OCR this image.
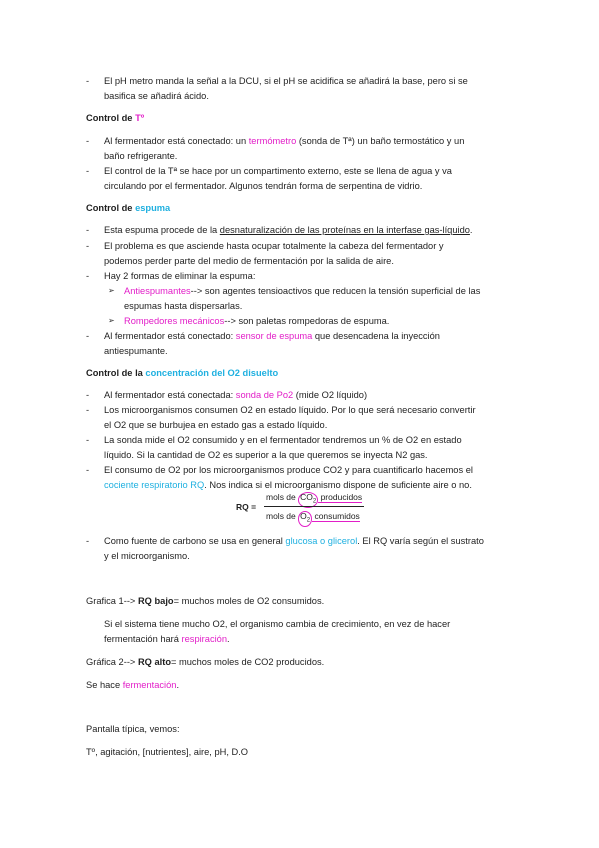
- El pH metro manda la señal a la DCU, si el pH se acidifica se añadirá la base, pero si se
basifica se añadirá ácido.
Control de Tº
- Al fermentador está conectado: un termómetro (sonda de Tª) un baño termostático y un
baño refrigerante.
- El control de la Tª se hace por un compartimento externo, este se llena de agua y va
circulando por el fermentador. Algunos tendrán forma de serpentina de vidrio.
Control de espuma
- Esta espuma procede de la desnaturalización de las proteínas en la interfase gas-líquido.
- El problema es que asciende hasta ocupar totalmente la cabeza del fermentador y
podemos perder parte del medio de fermentación por la salida de aire.
- Hay 2 formas de eliminar la espuma:
➢ Antiespumantes--> son agentes tensioactivos que reducen la tensión superficial de las
espumas hasta dispersarlas.
➢ Rompedores mecánicos--> son paletas rompedoras de espuma.
- Al fermentador está conectado: sensor de espuma que desencadena la inyección
antiespumante.
Control de la concentración del O2 disuelto
- Al fermentador está conectada: sonda de Po2 (mide O2 líquido)
- Los microorganismos consumen O2 en estado líquido. Por lo que será necesario convertir
el O2 que se burbujea en estado gas a estado líquido.
- La sonda mide el O2 consumido y en el fermentador tendremos un % de O2 en estado
líquido. Si la cantidad de O2 es superior a la que queremos se inyecta N2 gas.
- El consumo de O2 por los microorganismos produce CO2 y para cuantificarlo hacemos el
cociente respiratorio RQ. Nos indica si el microorganismo dispone de suficiente aire o no.
RQ =
mols de $CO_2$ producidos
mols de $O_2$ consumidos
- Como fuente de carbono se usa en general glucosa o glicerol. El RQ varía según el sustrato
y el microorganismo.
Grafica 1--> RQ bajo= muchos moles de O2 consumidos.
Si el sistema tiene mucho O2, el organismo cambia de crecimiento, en vez de hacer
fermentación hará respiración.
Gráfica 2--> RQ alto= muchos moles de CO2 producidos.
Se hace fermentación.
Pantalla típica, vemos:
Tº, agitación, [nutrientes], aire, pH, D.O
